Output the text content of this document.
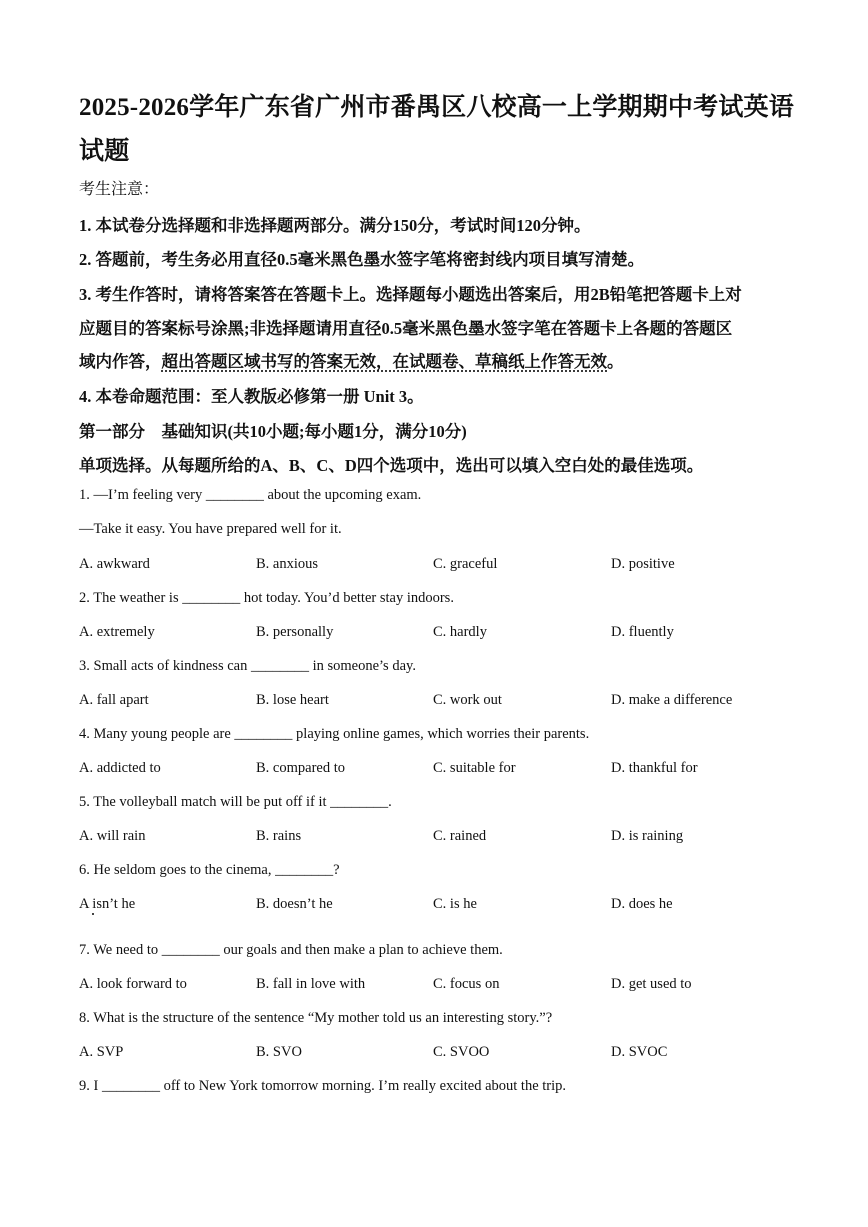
2025-2026学年广东省广州市番禺区八校高一上学期期中考试英语试题
考生注意：
1. 本试卷分选择题和非选择题两部分。满分150分，考试时间120分钟。
2. 答题前，考生务必用直径0.5毫米黑色墨水签字笔将密封线内项目填写清楚。
3. 考生作答时，请将答案答在答题卡上。选择题每小题选出答案后，用2B铅笔把答题卡上对
应题目的答案标号涂黑;非选择题请用直径0.5毫米黑色墨水签字笔在答题卡上各题的答题区
域内作答，超出答题区域书写的答案无效，在试题卷、草稿纸上作答无效。
4. 本卷命题范围：至人教版必修第一册 Unit 3。
第一部分　基础知识(共10小题;每小题1分，满分10分)
单项选择。从每题所给的A、B、C、D四个选项中，选出可以填入空白处的最佳选项。
1. —I’m feeling very ________ about the upcoming exam.
—Take it easy. You have prepared well for it.
A. awkward	B. anxious	C. graceful	D. positive
2. The weather is ________ hot today. You’d better stay indoors.
A. extremely	B. personally	C. hardly	D. fluently
3. Small acts of kindness can ________ in someone’s day.
A. fall apart	B. lose heart	C. work out	D. make a difference
4. Many young people are ________ playing online games, which worries their parents.
A. addicted to	B. compared to	C. suitable for	D. thankful for
5. The volleyball match will be put off if it ________.
A. will rain	B. rains	C. rained	D. is raining
6. He seldom goes to the cinema, ________?
A isn’t he	B. doesn’t he	C. is he	D. does he
7. We need to ________ our goals and then make a plan to achieve them.
A. look forward to	B. fall in love with	C. focus on	D. get used to
8. What is the structure of the sentence “My mother told us an interesting story.”?
A. SVP	B. SVO	C. SVOO	D. SVOC
9. I ________ off to New York tomorrow morning. I’m really excited about the trip.
